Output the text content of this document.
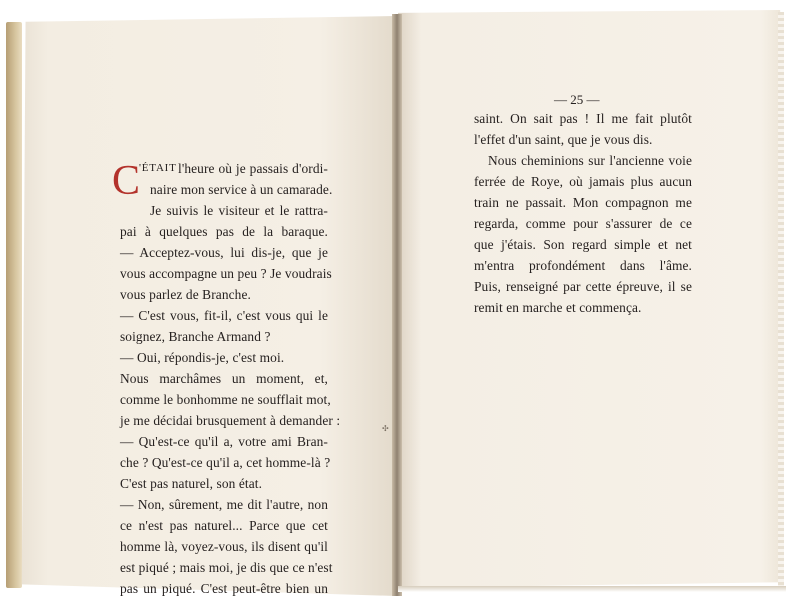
C
'ÉTAIT l'heure où je passais d'ordi-
naire mon service à un camarade.
Je suivis le visiteur et le rattra-
pai à quelques pas de la baraque.
— Acceptez-vous, lui dis-je, que je
vous accompagne un peu ? Je voudrais
vous parlez de Branche.
— C'est vous, fit-il, c'est vous qui le
soignez, Branche Armand ?
— Oui, répondis-je, c'est moi.
Nous marchâmes un moment, et,
comme le bonhomme ne soufflait mot,
je me décidai brusquement à demander :
— Qu'est-ce qu'il a, votre ami Bran-
che ? Qu'est-ce qu'il a, cet homme-là ?
C'est pas naturel, son état.
— Non, sûrement, me dit l'autre, non
ce n'est pas naturel... Parce que cet
homme là, voyez-vous, ils disent qu'il
est piqué ; mais moi, je dis que ce n'est
pas un piqué. C'est peut-être bien un
✣
— 25 —
saint. On sait pas ! Il me fait plutôt
l'effet d'un saint, que je vous dis.
Nous cheminions sur l'ancienne voie
ferrée de Roye, où jamais plus aucun
train ne passait. Mon compagnon me
regarda, comme pour s'assurer de ce
que j'étais. Son regard simple et net
m'entra profondément dans l'âme.
Puis, renseigné par cette épreuve, il se
remit en marche et commença.
